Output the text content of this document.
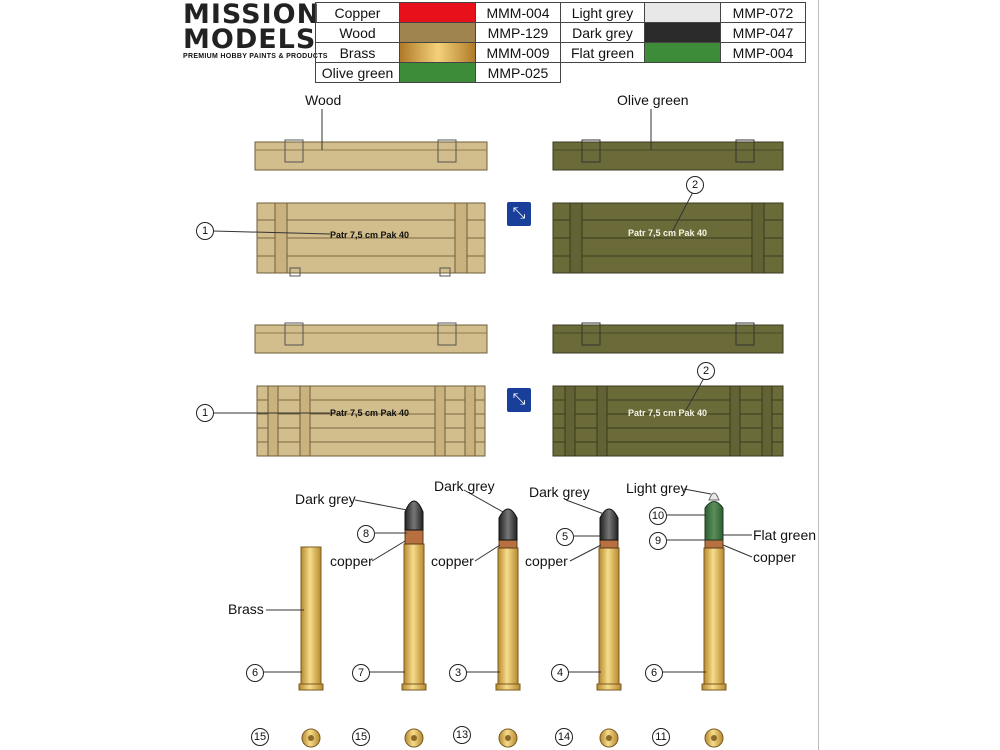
MISSION
MODELS
PREMIUM HOBBY PAINTS & PRODUCTS
Copper		MMM-004	Light grey		MMP-072
Wood		MMP-129	Dark grey		MMP-047
Brass		MMM-009	Flat green		MMP-004
Olive green		MMP-025			
Wood	Olive green
Patr 7,5 cm Pak 40	Patr 7,5 cm Pak 40
Patr 7,5 cm Pak 40	Patr 7,5 cm Pak 40
1
1
2
2
⤡
⤡
Brass
Dark grey
Dark grey Dark grey	Light grey
Flat green
copper	copper	copper	copper
6
8
7	3
5
4
10
9
6
15	15	13	14	11
